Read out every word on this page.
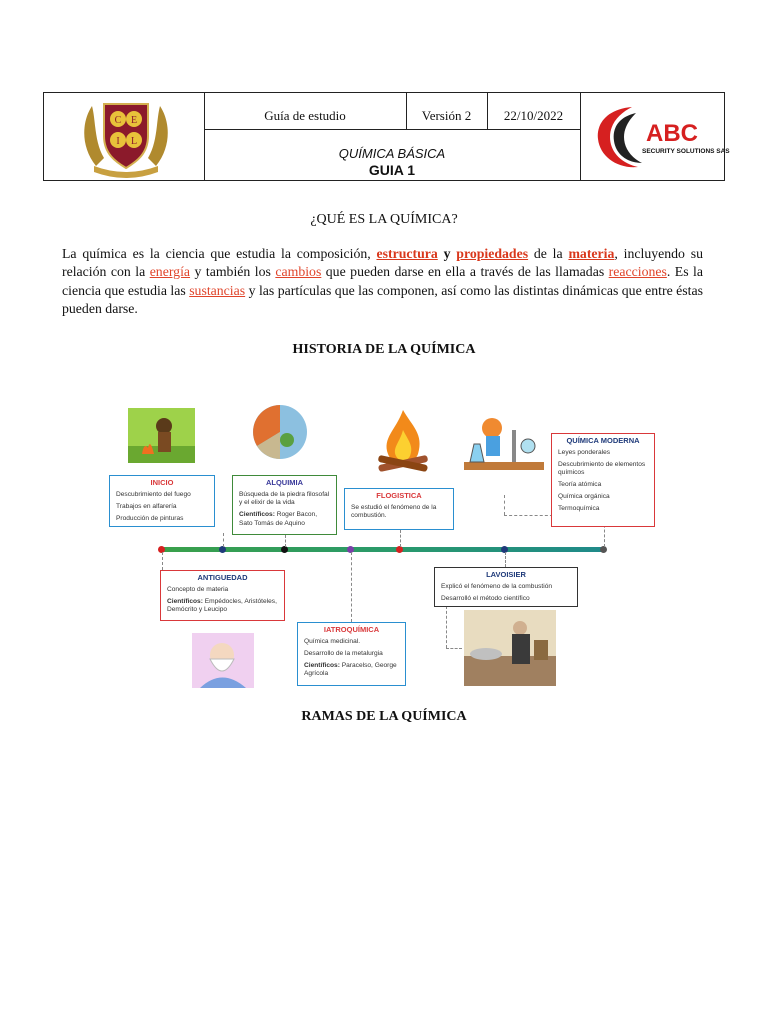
C E
I L
Guía de estudio	Versión 2	22/10/2022
QUÍMICA BÁSICA
GUIA 1
ABC
SECURITY SOLUTIONS SAS
¿QUÉ ES LA QUÍMICA?
La química es la ciencia que estudia la composición, estructura y propiedades de la materia, incluyendo su relación con la energía y también los cambios que pueden darse en ella a través de las llamadas reacciones. Es la ciencia que estudia las sustancias y las partículas que las componen, así como las distintas dinámicas que entre éstas pueden darse.
HISTORIA DE LA QUÍMICA
INICIO

Descubrimiento del fuego

Trabajos en alfarería

Producción de pinturas

ALQUIMIA

Búsqueda de la piedra filosofal y el elixir de la vida

Científicos: Roger Bacon, Sato Tomás de Aquino

FLOGISTICA

Se estudió el fenómeno de la combustión.

QUÍMICA MODERNA

Leyes ponderales

Descubrimiento de elementos químicos

Teoría atómica

Química orgánica

Termoquímica

ANTIGUEDAD

Concepto de materia

Científicos: Empédocles, Aristóteles, Demócrito y Leucipo

IATROQUÍMICA

Química medicinal.

Desarrollo de la metalurgia

Científicos: Paracelso, George Agrícola

LAVOISIER

Explicó el fenómeno de la combustión

Desarrolló el método científico

RAMAS DE LA QUÍMICA
